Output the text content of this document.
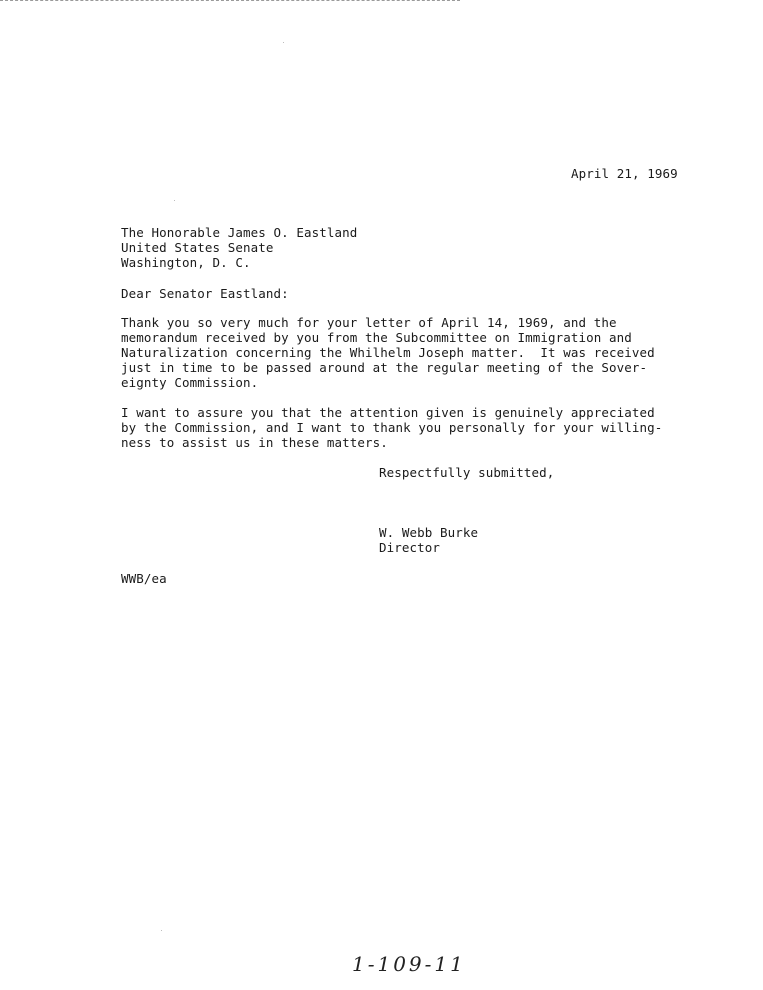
April 21, 1969
The Honorable James O. Eastland
United States Senate
Washington, D. C.
Dear Senator Eastland:
Thank you so very much for your letter of April 14, 1969, and the
memorandum received by you from the Subcommittee on Immigration and
Naturalization concerning the Whilhelm Joseph matter.  It was received
just in time to be passed around at the regular meeting of the Sover-
eignty Commission.
I want to assure you that the attention given is genuinely appreciated
by the Commission, and I want to thank you personally for your willing-
ness to assist us in these matters.
Respectfully submitted,
W. Webb Burke
Director
WWB/ea
1-109-11
